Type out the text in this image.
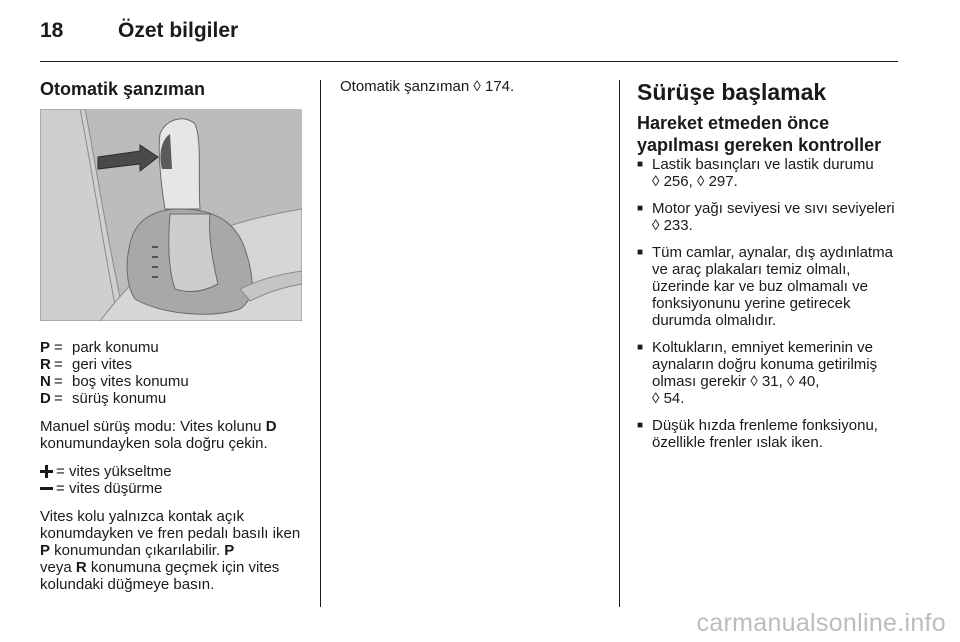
18	Özet bilgiler
Otomatik şanzıman
P = park konumu
R = geri vites
N = boş vites konumu
D = sürüş konumu
Manuel sürüş modu: Vites kolunu D
konumundayken sola doğru çekin.
= vites yükseltme
= vites düşürme
Vites kolu yalnızca kontak açık konumdayken ve fren pedalı basılı iken P konumundan çıkarılabilir. P
veya R konumuna geçmek için vites kolundaki düğmeye basın.
Otomatik şanzıman ◊ 174.	Sürüşe başlamak
Hareket etmeden önce
yapılması gereken kontroller
■ Lastik basınçları ve lastik durumu
◊ 256, ◊ 297.
■ Motor yağı seviyesi ve sıvı seviyeleri ◊ 233.
■ Tüm camlar, aynalar, dış aydınlatma ve araç plakaları temiz olmalı, üzerinde kar ve buz olmamalı ve fonksiyonunu yerine getirecek durumda olmalıdır.
■ Koltukların, emniyet kemerinin ve aynaların doğru konuma getirilmiş olması gerekir ◊ 31, ◊ 40,
◊ 54.
■ Düşük hızda frenleme fonksiyonu, özellikle frenler ıslak iken.
carmanualsonline.info
